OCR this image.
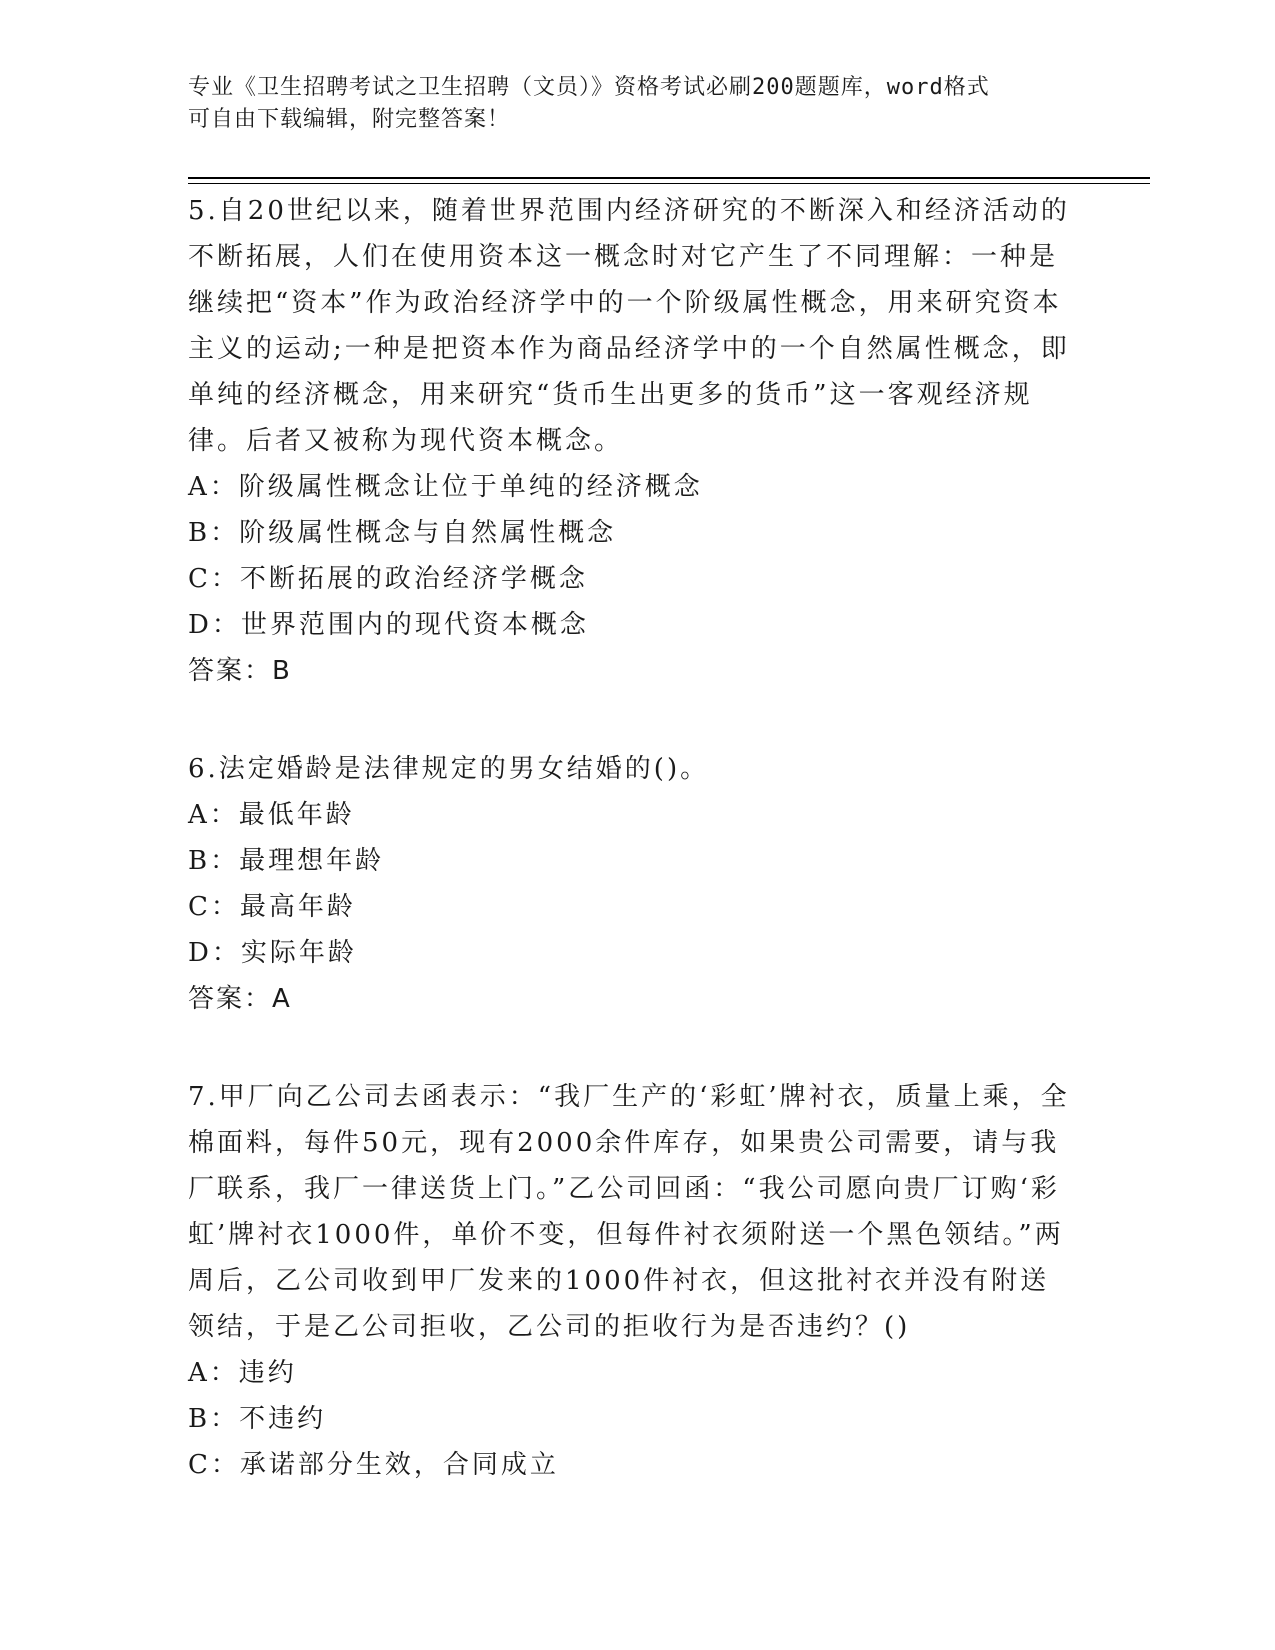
专业《卫生招聘考试之卫生招聘（文员）》资格考试必刷200题题库，word格式
可自由下载编辑，附完整答案！

5.自20世纪以来，随着世界范围内经济研究的不断深入和经济活动的不断拓展，人们在使用资本这一概念时对它产生了不同理解：一种是继续把“资本”作为政治经济学中的一个阶级属性概念，用来研究资本主义的运动;一种是把资本作为商品经济学中的一个自然属性概念，即单纯的经济概念，用来研究“货币生出更多的货币”这一客观经济规律。后者又被称为现代资本概念。

A：阶级属性概念让位于单纯的经济概念

B：阶级属性概念与自然属性概念

C：不断拓展的政治经济学概念

D：世界范围内的现代资本概念

答案：B

6.法定婚龄是法律规定的男女结婚的()。

A：最低年龄

B：最理想年龄

C：最高年龄

D：实际年龄

答案：A

7.甲厂向乙公司去函表示：“我厂生产的‘彩虹’牌衬衣，质量上乘，全棉面料，每件50元，现有2000余件库存，如果贵公司需要，请与我厂联系，我厂一律送货上门。”乙公司回函：“我公司愿向贵厂订购‘彩虹’牌衬衣1000件，单价不变，但每件衬衣须附送一个黑色领结。”两周后，乙公司收到甲厂发来的1000件衬衣，但这批衬衣并没有附送领结，于是乙公司拒收，乙公司的拒收行为是否违约？()

A：违约

B：不违约

C：承诺部分生效，合同成立
